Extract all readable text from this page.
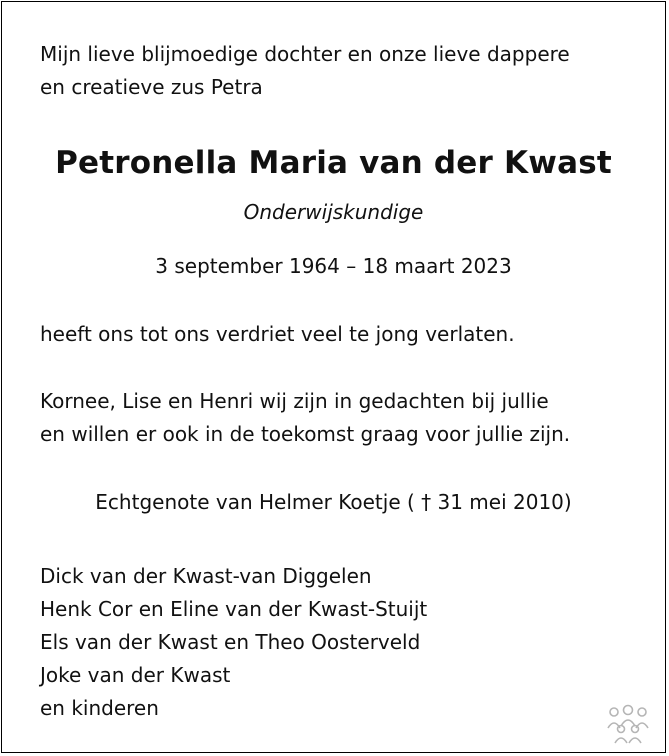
Mijn lieve blijmoedige dochter en onze lieve dappere
en creatieve zus Petra
Petronella Maria van der Kwast
Onderwijskundige
3 september 1964 – 18 maart 2023
heeft ons tot ons verdriet veel te jong verlaten.
Kornee, Lise en Henri wij zijn in gedachten bij jullie
en willen er ook in de toekomst graag voor jullie zijn.
Echtgenote van Helmer Koetje ( † 31 mei 2010)
Dick van der Kwast-van Diggelen
Henk Cor en Eline van der Kwast-Stuijt
Els van der Kwast en Theo Oosterveld
Joke van der Kwast
en kinderen
